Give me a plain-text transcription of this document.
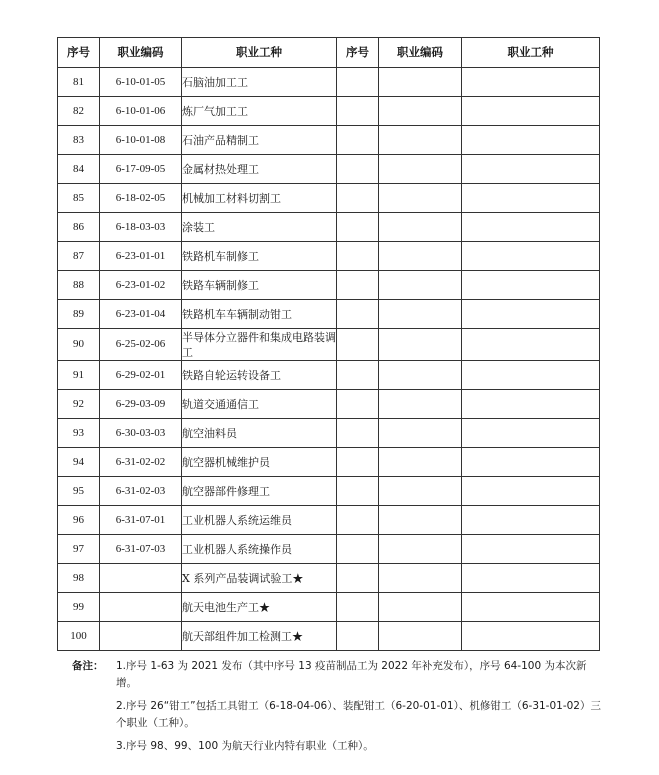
序号	职业编码	职业工种	序号	职业编码	职业工种
81	6-10-01-05	石脑油加工工			
82	6-10-01-06	炼厂气加工工			
83	6-10-01-08	石油产品精制工			
84	6-17-09-05	金属材热处理工			
85	6-18-02-05	机械加工材料切割工			
86	6-18-03-03	涂装工			
87	6-23-01-01	铁路机车制修工			
88	6-23-01-02	铁路车辆制修工			
89	6-23-01-04	铁路机车车辆制动钳工			
90	6-25-02-06	半导体分立器件和集成电路装调工			
91	6-29-02-01	铁路自轮运转设备工			
92	6-29-03-09	轨道交通通信工			
93	6-30-03-03	航空油料员			
94	6-31-02-02	航空器机械维护员			
95	6-31-02-03	航空器部件修理工			
96	6-31-07-01	工业机器人系统运维员			
97	6-31-07-03	工业机器人系统操作员			
98		X 系列产品装调试验工★			
99		航天电池生产工★			
100		航天部组件加工检测工★			
备注：	1.序号 1-63 为 2021 发布（其中序号 13 疫苗制品工为 2022 年补充发布），序号 64-100 为本次新增。
2.序号 26“钳工”包括工具钳工（6-18-04-06）、装配钳工（6-20-01-01）、机修钳工（6-31-01-02）三个职业（工种）。
3.序号 98、99、100 为航天行业内特有职业（工种）。
